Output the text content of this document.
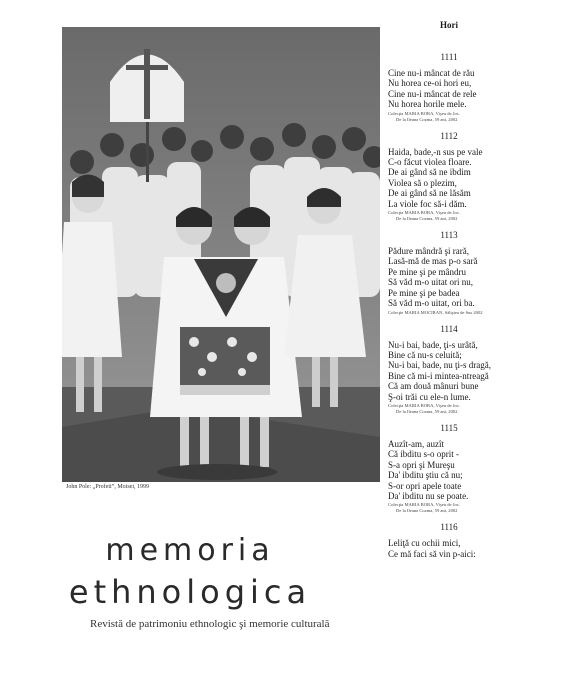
John Pole: „Profeti”, Moisei, 1999
memoria
ethnologica
Revistă de patrimoniu ethnologic şi memorie culturală
Hori
1111
Cine nu-i mâncat de rău
Nu horea ce-oi hori eu,
Cine nu-i mâncat de rele
Nu horea horile mele.
Colecţia MARIA BORA, Vişeu de Jos.
De la Ileana Cozma, 59 ani, 2002
1112
Haida, bade,-n sus pe vale
C-o făcut violea floare.
De ai gând să ne ibdim
Violea să o plezim,
De ai gând să ne lăsăm
La viole foc să-i dăm.
Colecţia MARIA BORA, Vişeu de Jos.
De la Ileana Cozma, 59 ani, 2002
1113
Pădure mândră şi rară,
Lasă-mă de mas p-o sară
Pe mine şi pe mândru
Să văd m-o uitat ori nu,
Pe mine şi pe badea
Să văd m-o uitat, ori ba.
Colecţie MARIA MOCIRAN, Săliştea de Sus 2002
1114
Nu-i bai, bade, ţi-s urâtă,
Bine că nu-s celuită;
Nu-i bai, bade, nu ţi-s dragă,
Bine că mi-i mintea-ntreagă
Că am două mânuri bune
Ş-oi trăi cu ele-n lume.
Colecţia MARIA BORA, Vişeu de Jos.
De la Ileana Cozma, 59 ani, 2002
1115
Auzît-am, auzît
Că ibditu s-o oprit -
S-a opri şi Mureşu
Da' ibditu ştiu că nu;
S-or opri apele toate
Da' ibditu nu se poate.
Colecţia MARIA BORA, Vişeu de Jos.
De la Ileana Cozma, 59 ani, 2002
1116
Leliţă cu ochii mici,
Ce mă faci să vin p-aici:
